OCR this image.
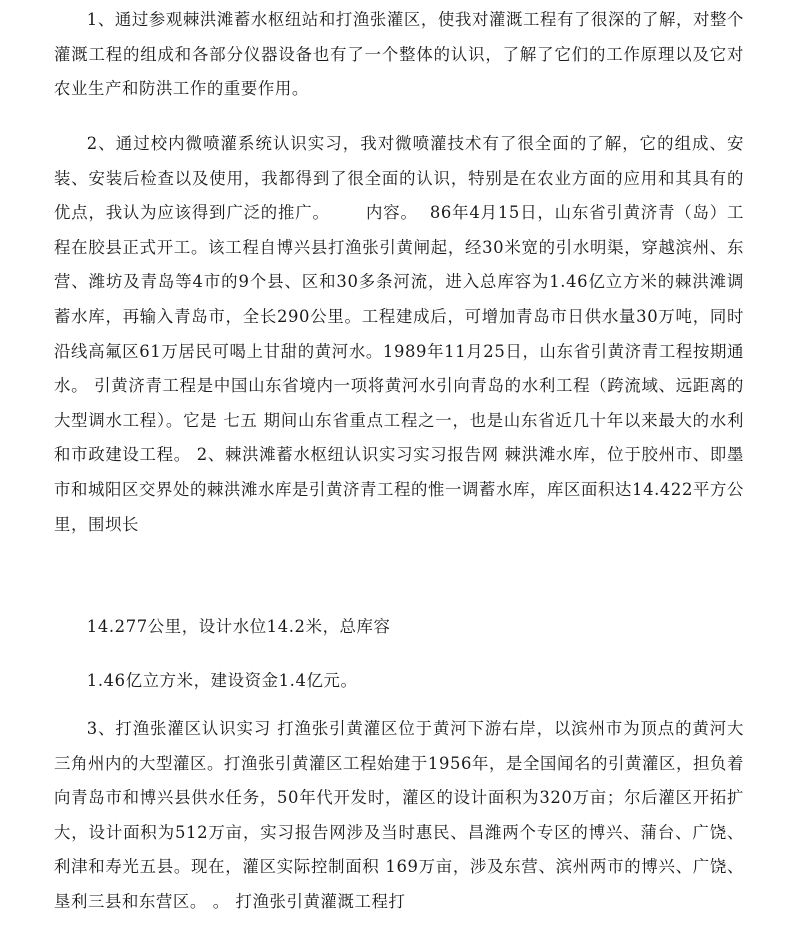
1、通过参观棘洪滩蓄水枢纽站和打渔张灌区，使我对灌溉工程有了很深的了解，对整个灌溉工程的组成和各部分仪器设备也有了一个整体的认识，了解了它们的工作原理以及它对农业生产和防洪工作的重要作用。

2、通过校内微喷灌系统认识实习，我对微喷灌技术有了很全面的了解，它的组成、安装、安装后检查以及使用，我都得到了很全面的认识，特别是在农业方面的应用和其具有的优点，我认为应该得到广泛的推广。      内容。  86年4月15日，山东省引黄济青（岛）工程在胶县正式开工。该工程自博兴县打渔张引黄闸起，经30米宽的引水明渠，穿越滨州、东营、潍坊及青岛等4市的9个县、区和30多条河流，进入总库容为1.46亿立方米的棘洪滩调蓄水库，再输入青岛市，全长290公里。工程建成后，可增加青岛市日供水量30万吨，同时沿线高氟区61万居民可喝上甘甜的黄河水。1989年11月25日，山东省引黄济青工程按期通水。 引黄济青工程是中国山东省境内一项将黄河水引向青岛的水利工程（跨流域、远距离的大型调水工程）。它是 七五 期间山东省重点工程之一，也是山东省近几十年以来最大的水利和市政建设工程。 2、棘洪滩蓄水枢纽认识实习实习报告网 棘洪滩水库，位于胶州市、即墨市和城阳区交界处的棘洪滩水库是引黄济青工程的惟一调蓄水库，库区面积达14.422平方公里，围坝长

14.277公里，设计水位14.2米，总库容

1.46亿立方米，建设资金1.4亿元。

3、打渔张灌区认识实习 打渔张引黄灌区位于黄河下游右岸，以滨州市为顶点的黄河大三角州内的大型灌区。打渔张引黄灌区工程始建于1956年，是全国闻名的引黄灌区，担负着向青岛市和博兴县供水任务，50年代开发时，灌区的设计面积为320万亩；尔后灌区开拓扩大，设计面积为512万亩，实习报告网涉及当时惠民、昌潍两个专区的博兴、蒲台、广饶、利津和寿光五县。现在，灌区实际控制面积 169万亩，涉及东营、滨州两市的博兴、广饶、垦利三县和东营区。 。 打渔张引黄灌溉工程打
